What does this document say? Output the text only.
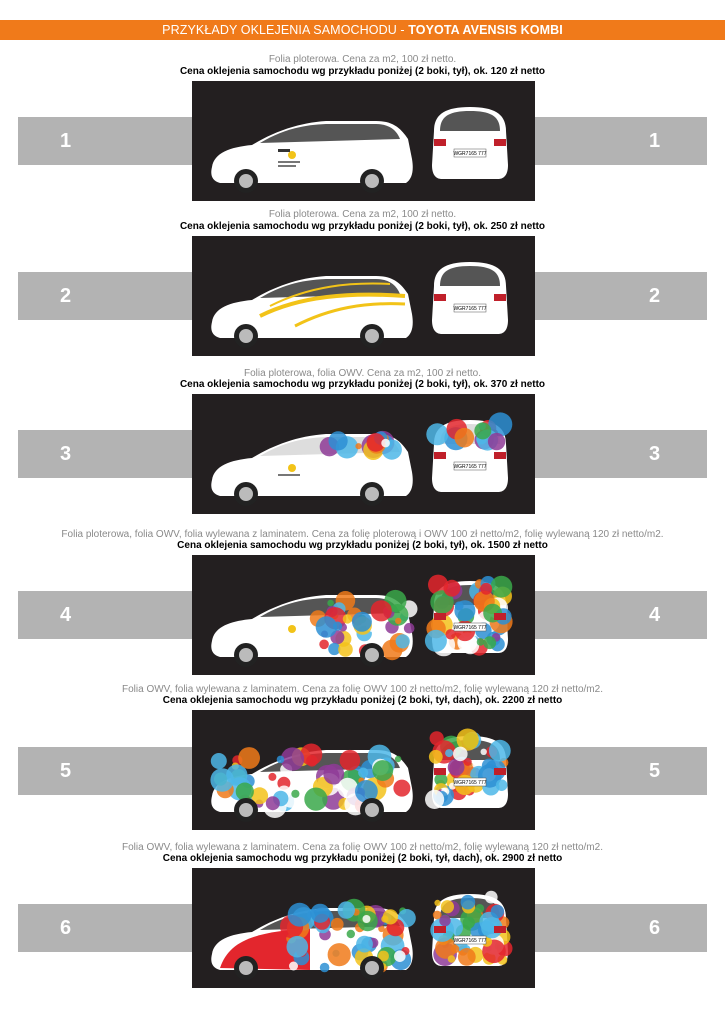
PRZYKŁADY OKLEJENIA SAMOCHODU - TOYOTA AVENSIS KOMBI
Folia ploterowa. Cena za m2, 100 zł netto.
Cena oklejenia samochodu wg przykładu poniżej (2 boki, tył), ok. 120 zł netto
1	1
WGR7165 777
Folia ploterowa. Cena za m2, 100 zł netto.
Cena oklejenia samochodu wg przykładu poniżej (2 boki, tył), ok. 250 zł netto
2	2
WGR7165 777
Folia ploterowa, folia OWV. Cena za m2, 100 zł netto.
Cena oklejenia samochodu wg przykładu poniżej (2 boki, tył), ok. 370 zł netto
3	3
WGR7165 777
Folia ploterowa, folia OWV, folia wylewana z laminatem. Cena za folię ploterową i OWV 100 zł netto/m2, folię wylewaną 120 zł netto/m2.
Cena oklejenia samochodu wg przykładu poniżej (2 boki, tył), ok. 1500 zł netto
4	4
WGR7165 777
Folia OWV, folia wylewana z laminatem. Cena za folię OWV 100 zł netto/m2, folię wylewaną 120 zł netto/m2.
Cena oklejenia samochodu wg przykładu poniżej (2 boki, tył, dach), ok. 2200 zł netto
5	5
WGR7165 777
Folia OWV, folia wylewana z laminatem. Cena za folię OWV 100 zł netto/m2, folię wylewaną 120 zł netto/m2.
Cena oklejenia samochodu wg przykładu poniżej (2 boki, tył, dach), ok. 2900 zł netto
6	6
WGR7165 777
